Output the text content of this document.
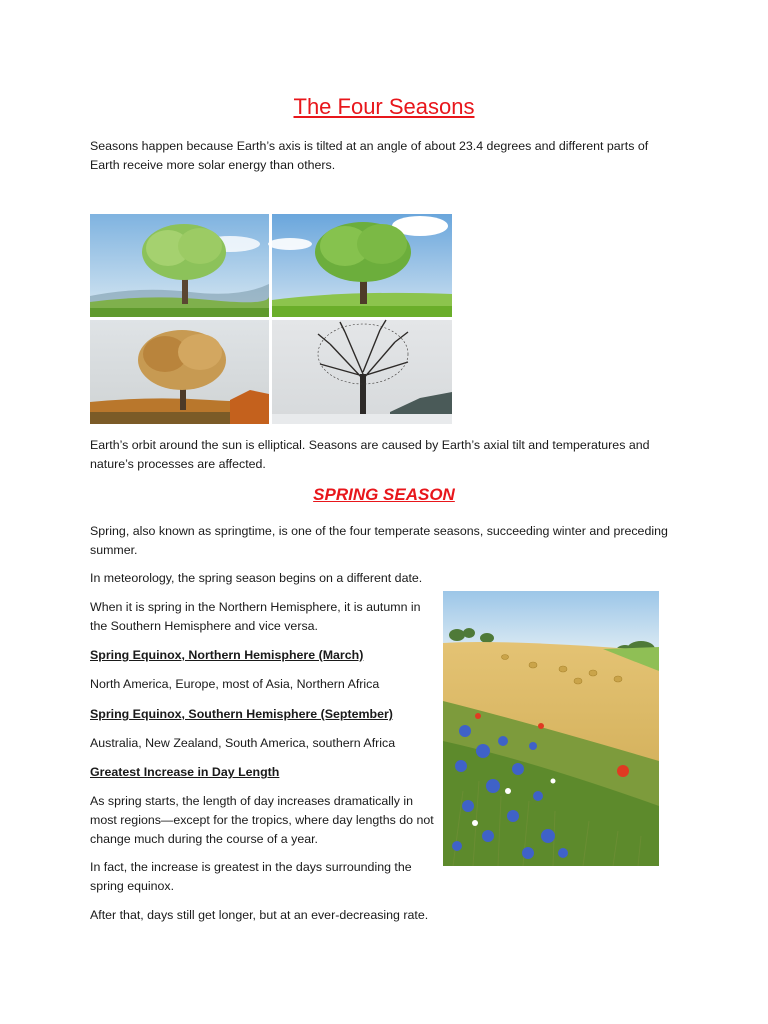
The Four Seasons

Seasons happen because Earth’s axis is tilted at an angle of about 23.4 degrees and different parts of Earth receive more solar energy than others.

Earth’s orbit around the sun is elliptical. Seasons are caused by Earth’s axial tilt and temperatures and nature’s processes are affected.

SPRING SEASON

Spring, also known as springtime, is one of the four temperate seasons, succeeding winter and preceding summer.

In meteorology, the spring season begins on a different date.

When it is spring in the Northern Hemisphere, it is autumn in the Southern Hemisphere and vice versa.

Spring Equinox, Northern Hemisphere (March)

North America, Europe, most of Asia, Northern Africa

Spring Equinox, Southern Hemisphere (September)

Australia, New Zealand, South America, southern Africa

Greatest Increase in Day Length

As spring starts, the length of day increases dramatically in most regions—except for the tropics, where day lengths do not change much during the course of a year.

In fact, the increase is greatest in the days surrounding the spring equinox.

After that, days still get longer, but at an ever-decreasing rate.
